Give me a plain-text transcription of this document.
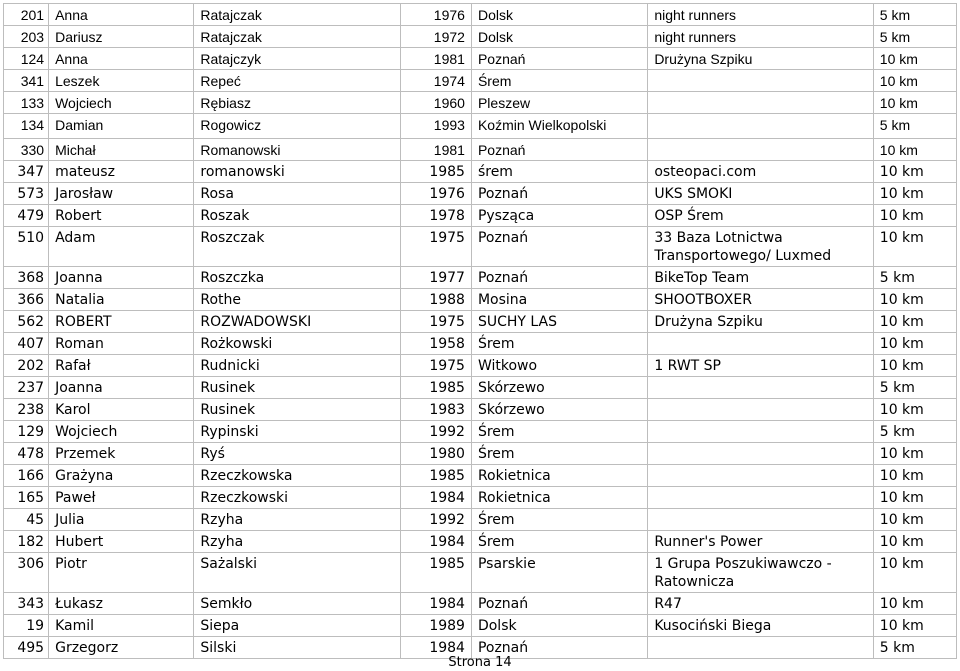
201	Anna	Ratajczak	1976	Dolsk	night runners	5 km
203	Dariusz	Ratajczak	1972	Dolsk	night runners	5 km
124	Anna	Ratajczyk	1981	Poznań	Drużyna Szpiku	10 km
341	Leszek	Repeć	1974	Śrem		10 km
133	Wojciech	Rębiasz	1960	Pleszew		10 km
134	Damian	Rogowicz	1993	Koźmin Wielkopolski		5 km
330	Michał	Romanowski	1981	Poznań		10 km
347	mateusz	romanowski	1985	śrem	osteopaci.com	10 km
573	Jarosław	Rosa	1976	Poznań	UKS SMOKI	10 km
479	Robert	Roszak	1978	Pysząca	OSP Śrem	10 km
510	Adam	Roszczak	1975	Poznań	33 Baza Lotnictwa Transportowego/ Luxmed	10 km
368	Joanna	Roszczka	1977	Poznań	BikeTop Team	5 km
366	Natalia	Rothe	1988	Mosina	SHOOTBOXER	10 km
562	ROBERT	ROZWADOWSKI	1975	SUCHY LAS	Drużyna Szpiku	10 km
407	Roman	Rożkowski	1958	Śrem		10 km
202	Rafał	Rudnicki	1975	Witkowo	1 RWT SP	10 km
237	Joanna	Rusinek	1985	Skórzewo		5 km
238	Karol	Rusinek	1983	Skórzewo		10 km
129	Wojciech	Rypinski	1992	Śrem		5 km
478	Przemek	Ryś	1980	Śrem		10 km
166	Grażyna	Rzeczkowska	1985	Rokietnica		10 km
165	Paweł	Rzeczkowski	1984	Rokietnica		10 km
45	Julia	Rzyha	1992	Śrem		10 km
182	Hubert	Rzyha	1984	Śrem	Runner's Power	10 km
306	Piotr	Sażalski	1985	Psarskie	1 Grupa Poszukiwawczo - Ratownicza	10 km
343	Łukasz	Semkło	1984	Poznań	R47	10 km
19	Kamil	Siepa	1989	Dolsk	Kusociński Biega	10 km
495	Grzegorz	Silski	1984	Poznań		5 km
Strona 14
